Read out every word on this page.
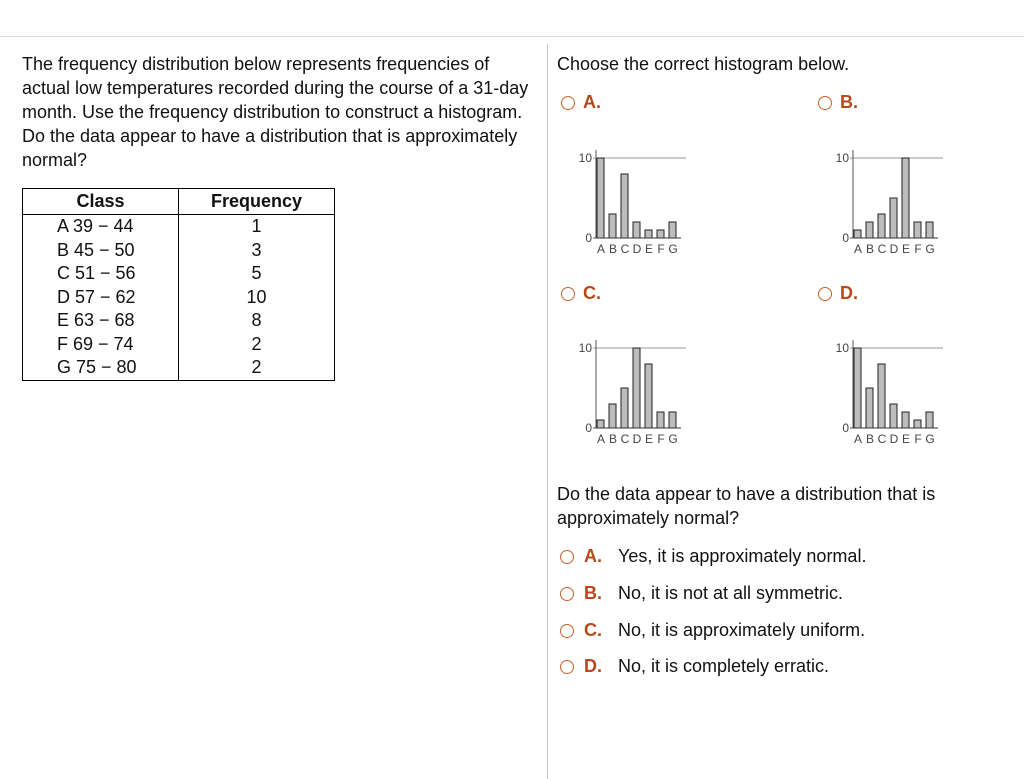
The frequency distribution below represents frequencies of actual low temperatures recorded during the course of a 31-day month. Use the frequency distribution to construct a histogram. Do the data appear to have a distribution that is approximately normal?
Class	Frequency
A 39 − 44	1
B 45 − 50	3
C 51 − 56	5
D 57 − 62	10
E 63 − 68	8
F 69 − 74	2
G 75 − 80	2
Choose the correct histogram below.
A.	B.
C.	D.
10
0
A B C D E F G
10
0
A B C D E F G
10
0
A B C D E F G
10
0
A B C D E F G
Do the data appear to have a distribution that is approximately normal?
A. Yes, it is approximately normal.
B. No, it is not at all symmetric.
C. No, it is approximately uniform.
D. No, it is completely erratic.
